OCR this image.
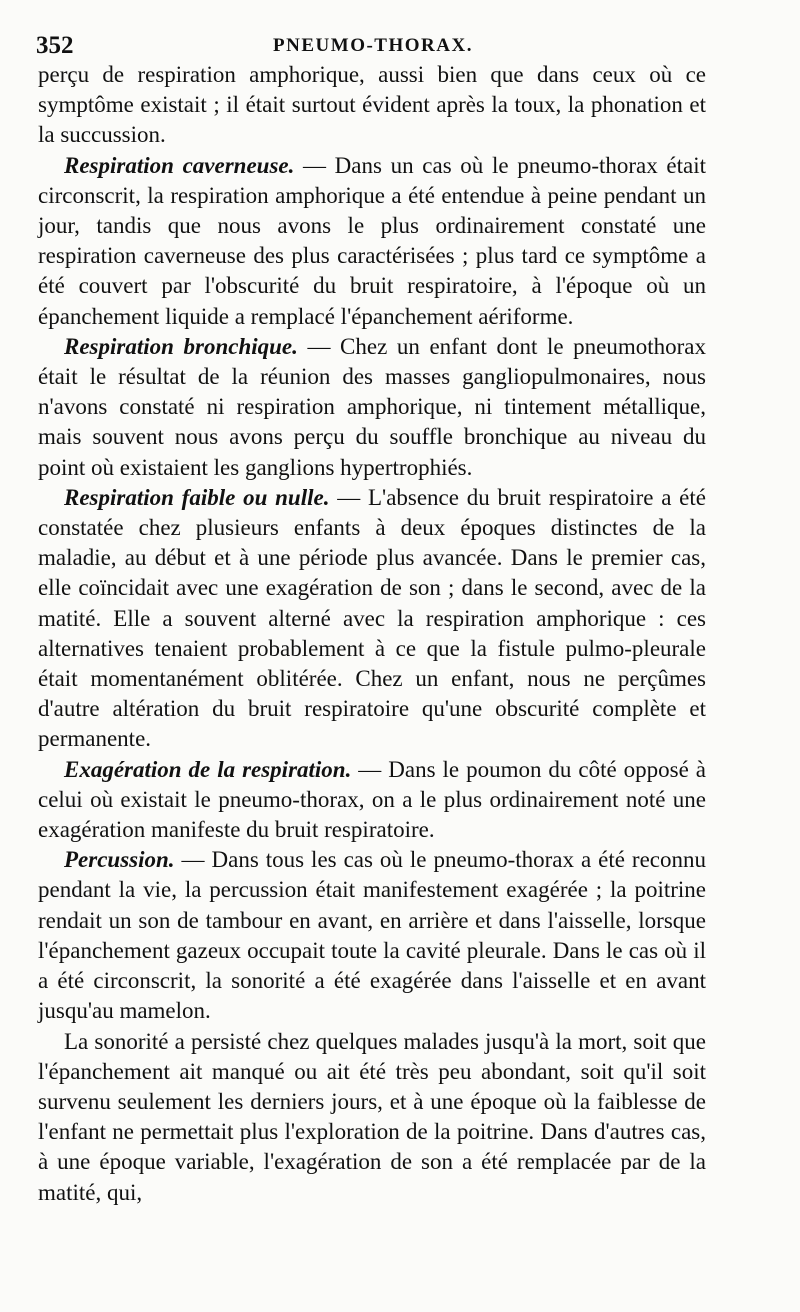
352	PNEUMO-THORAX.

perçu de respiration amphorique, aussi bien que dans ceux où ce symptôme existait ; il était surtout évident après la toux, la phonation et la succussion.

Respiration caverneuse. — Dans un cas où le pneumo-thorax était circonscrit, la respiration amphorique a été entendue à peine pendant un jour, tandis que nous avons le plus ordinairement constaté une respiration caverneuse des plus caractérisées ; plus tard ce symptôme a été couvert par l'obscurité du bruit respiratoire, à l'époque où un épanchement liquide a remplacé l'épanchement aériforme.

Respiration bronchique. — Chez un enfant dont le pneumothorax était le résultat de la réunion des masses gangliopulmonaires, nous n'avons constaté ni respiration amphorique, ni tintement métallique, mais souvent nous avons perçu du souffle bronchique au niveau du point où existaient les ganglions hypertrophiés.

Respiration faible ou nulle. — L'absence du bruit respiratoire a été constatée chez plusieurs enfants à deux époques distinctes de la maladie, au début et à une période plus avancée. Dans le premier cas, elle coïncidait avec une exagération de son ; dans le second, avec de la matité. Elle a souvent alterné avec la respiration amphorique : ces alternatives tenaient probablement à ce que la fistule pulmo-pleurale était momentanément oblitérée. Chez un enfant, nous ne perçûmes d'autre altération du bruit respiratoire qu'une obscurité complète et permanente.

Exagération de la respiration. — Dans le poumon du côté opposé à celui où existait le pneumo-thorax, on a le plus ordinairement noté une exagération manifeste du bruit respiratoire.

Percussion. — Dans tous les cas où le pneumo-thorax a été reconnu pendant la vie, la percussion était manifestement exagérée ; la poitrine rendait un son de tambour en avant, en arrière et dans l'aisselle, lorsque l'épanchement gazeux occupait toute la cavité pleurale. Dans le cas où il a été circonscrit, la sonorité a été exagérée dans l'aisselle et en avant jusqu'au mamelon.

La sonorité a persisté chez quelques malades jusqu'à la mort, soit que l'épanchement ait manqué ou ait été très peu abondant, soit qu'il soit survenu seulement les derniers jours, et à une époque où la faiblesse de l'enfant ne permettait plus l'exploration de la poitrine. Dans d'autres cas, à une époque variable, l'exagération de son a été remplacée par de la matité, qui,
